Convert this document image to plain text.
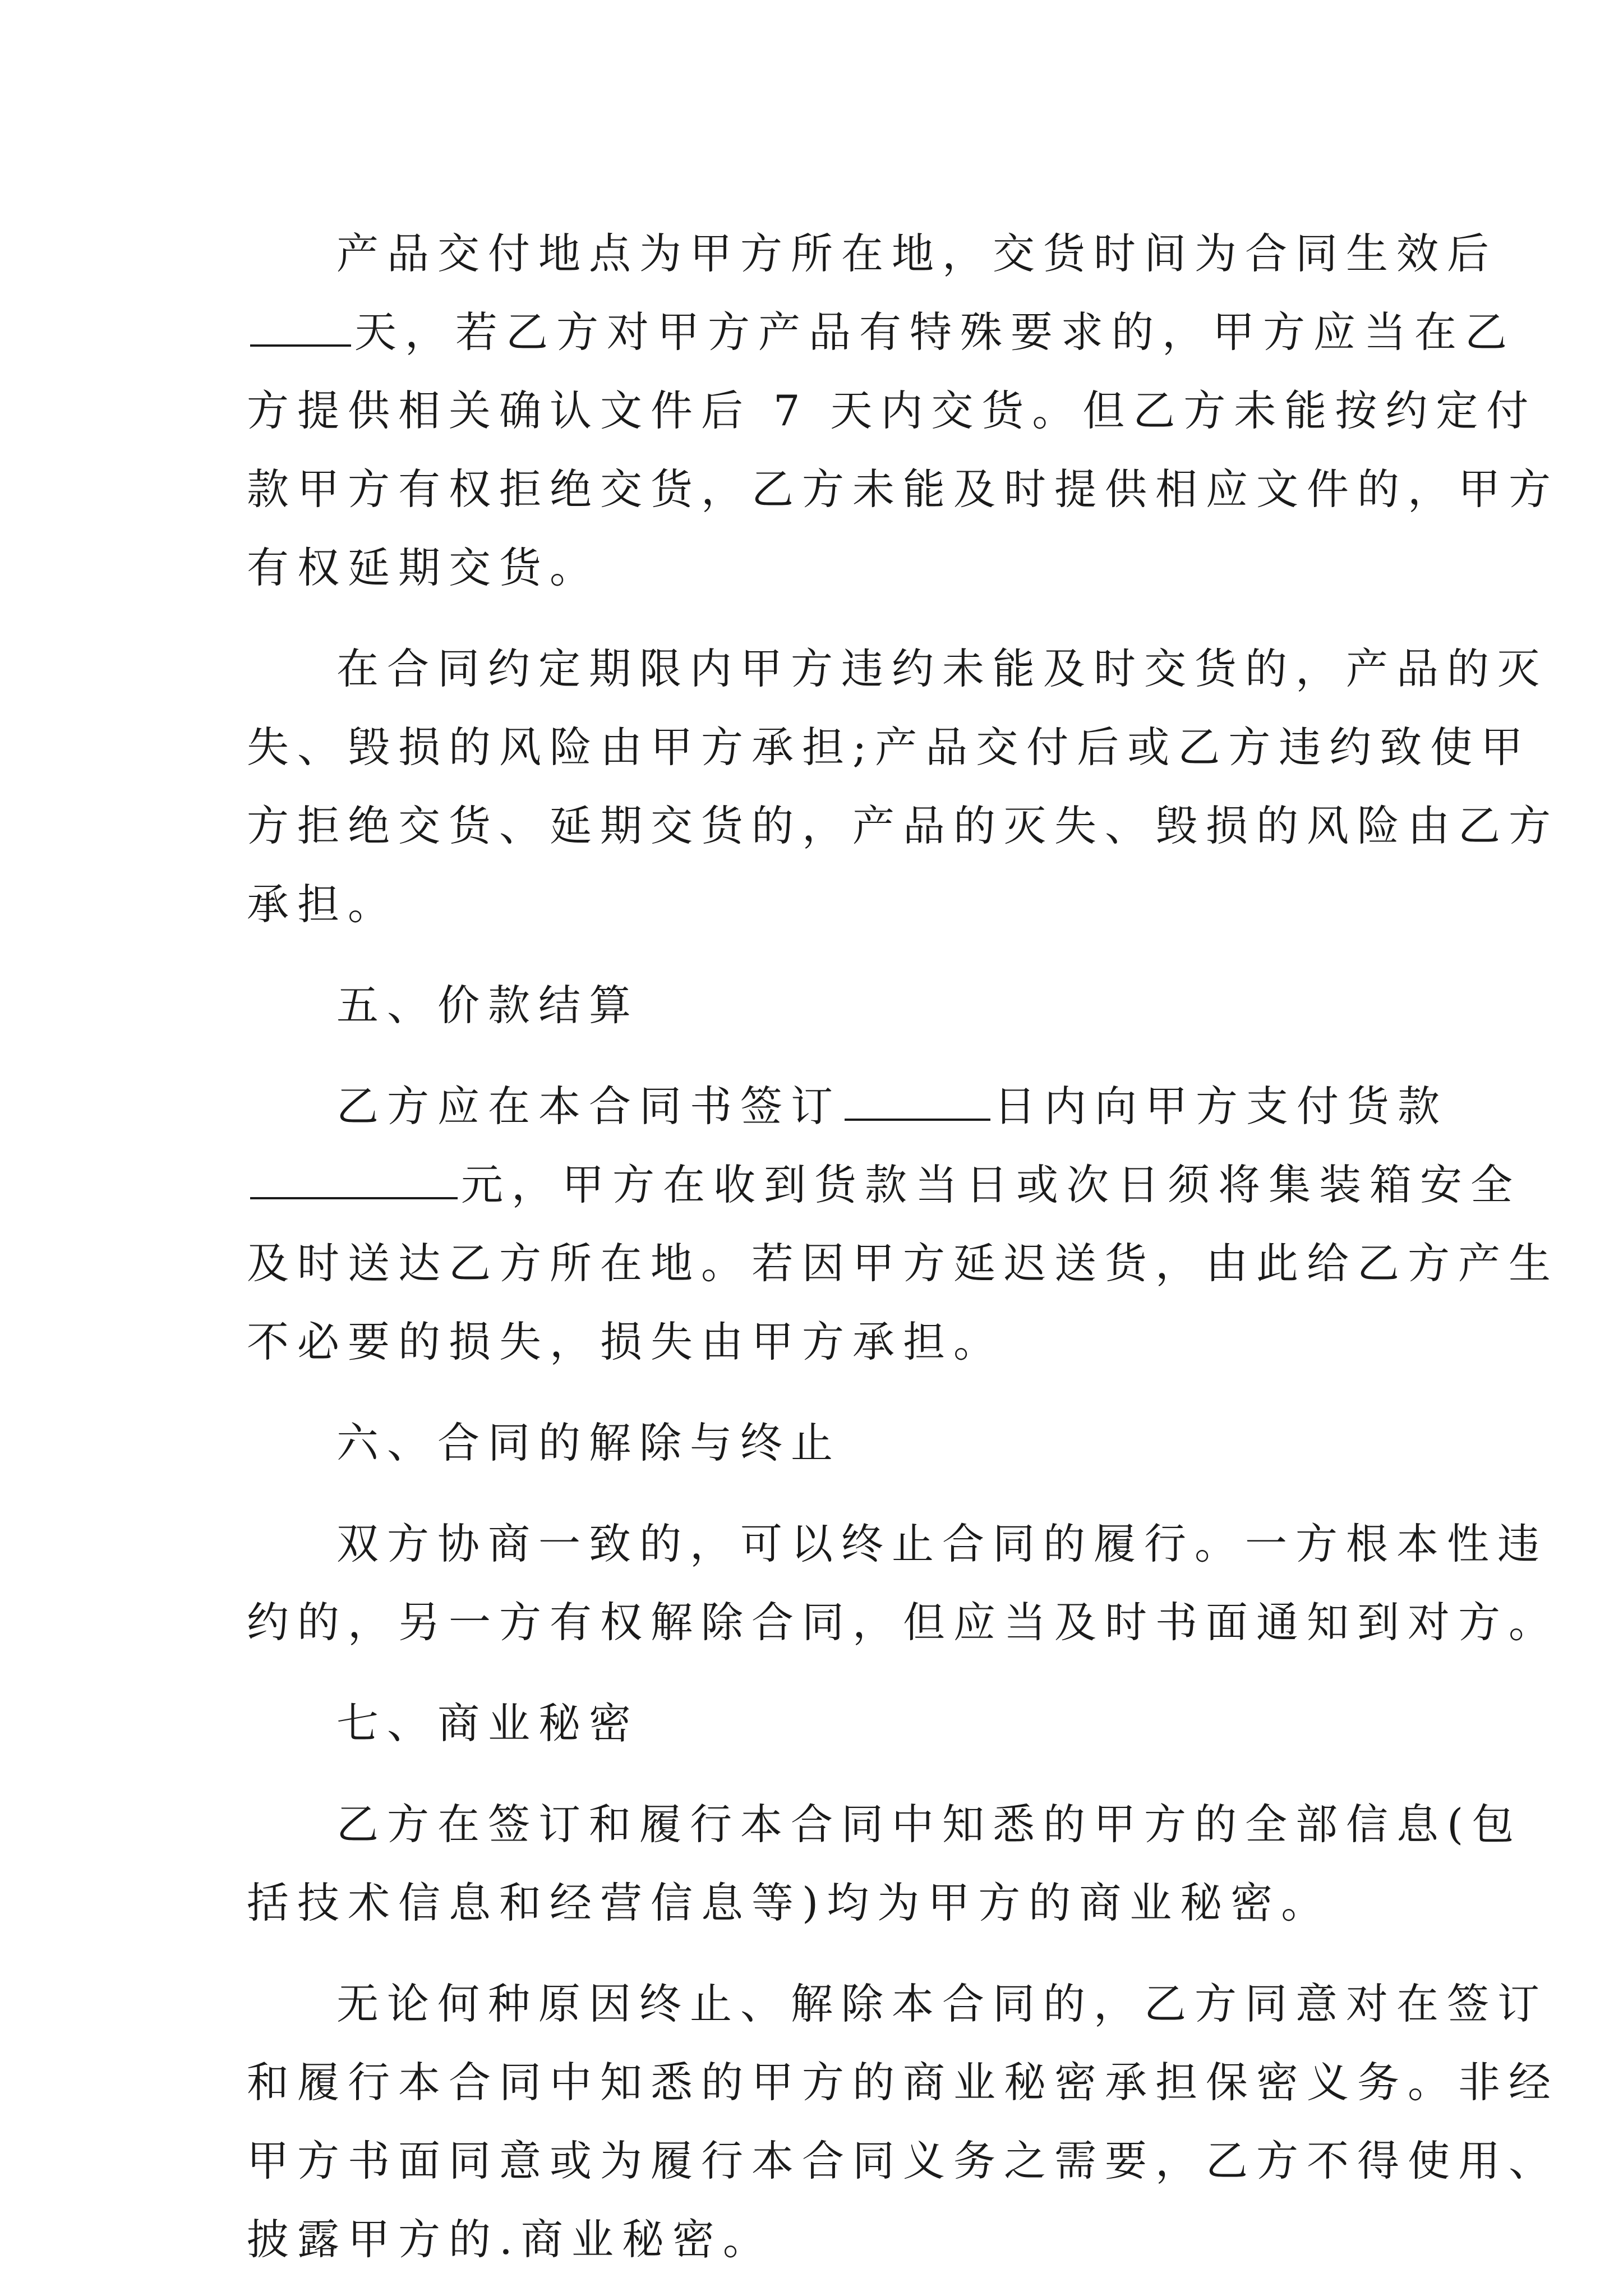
产品交付地点为甲方所在地，交货时间为合同生效后
天，若乙方对甲方产品有特殊要求的，甲方应当在乙
方提供相关确认文件后 7 天内交货。但乙方未能按约定付
款甲方有权拒绝交货，乙方未能及时提供相应文件的，甲方
有权延期交货。
在合同约定期限内甲方违约未能及时交货的，产品的灭
失、毁损的风险由甲方承担;产品交付后或乙方违约致使甲
方拒绝交货、延期交货的，产品的灭失、毁损的风险由乙方
承担。
五、价款结算
乙方应在本合同书签订	日内向甲方支付货款
元，甲方在收到货款当日或次日须将集装箱安全
及时送达乙方所在地。若因甲方延迟送货，由此给乙方产生
不必要的损失，损失由甲方承担。
六、合同的解除与终止
双方协商一致的，可以终止合同的履行。一方根本性违
约的，另一方有权解除合同，但应当及时书面通知到对方。
七、商业秘密
乙方在签订和履行本合同中知悉的甲方的全部信息(包
括技术信息和经营信息等)均为甲方的商业秘密。
无论何种原因终止、解除本合同的，乙方同意对在签订
和履行本合同中知悉的甲方的商业秘密承担保密义务。非经
甲方书面同意或为履行本合同义务之需要，乙方不得使用、
披露甲方的.商业秘密。
